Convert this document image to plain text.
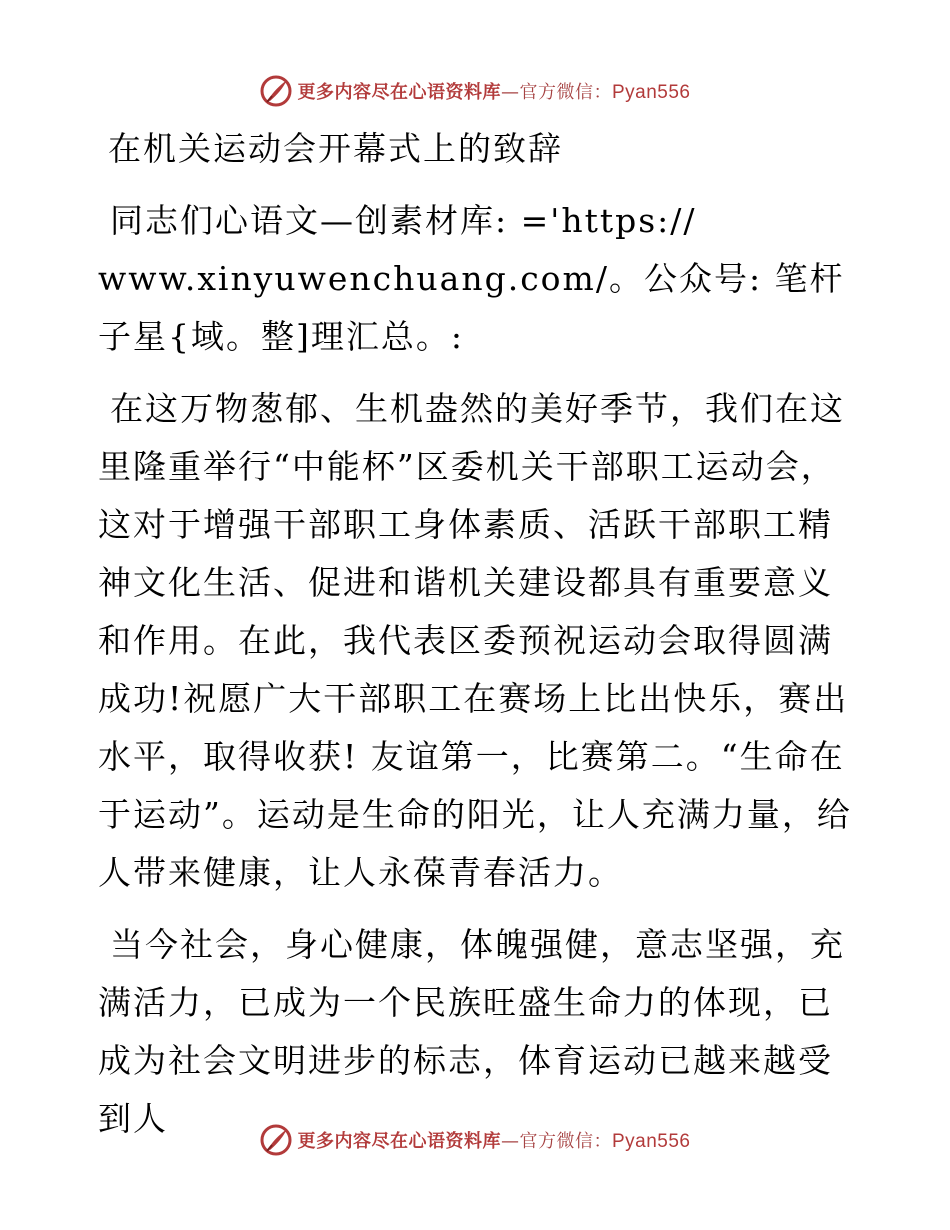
更多内容尽在心语资料库—官方微信：Pyan556
在机关运动会开幕式上的致辞
同志们心语文—创素材库: ='https:// www.xinyuwenchuang.com/。公众号: 笔杆子星{域。整]理汇总。:
在这万物葱郁、生机盎然的美好季节，我们在这里隆重举行“中能杯”区委机关干部职工运动会，这对于增强干部职工身体素质、活跃干部职工精神文化生活、促进和谐机关建设都具有重要意义和作用。在此，我代表区委预祝运动会取得圆满成功!祝愿广大干部职工在赛场上比出快乐，赛出水平，取得收获! 友谊第一，比赛第二。“生命在于运动”。运动是生命的阳光，让人充满力量，给人带来健康，让人永葆青春活力。
当今社会，身心健康，体魄强健，意志坚强，充满活力，已成为一个民族旺盛生命力的体现，已成为社会文明进步的标志，体育运动已越来越受到人
更多内容尽在心语资料库—官方微信：Pyan556
